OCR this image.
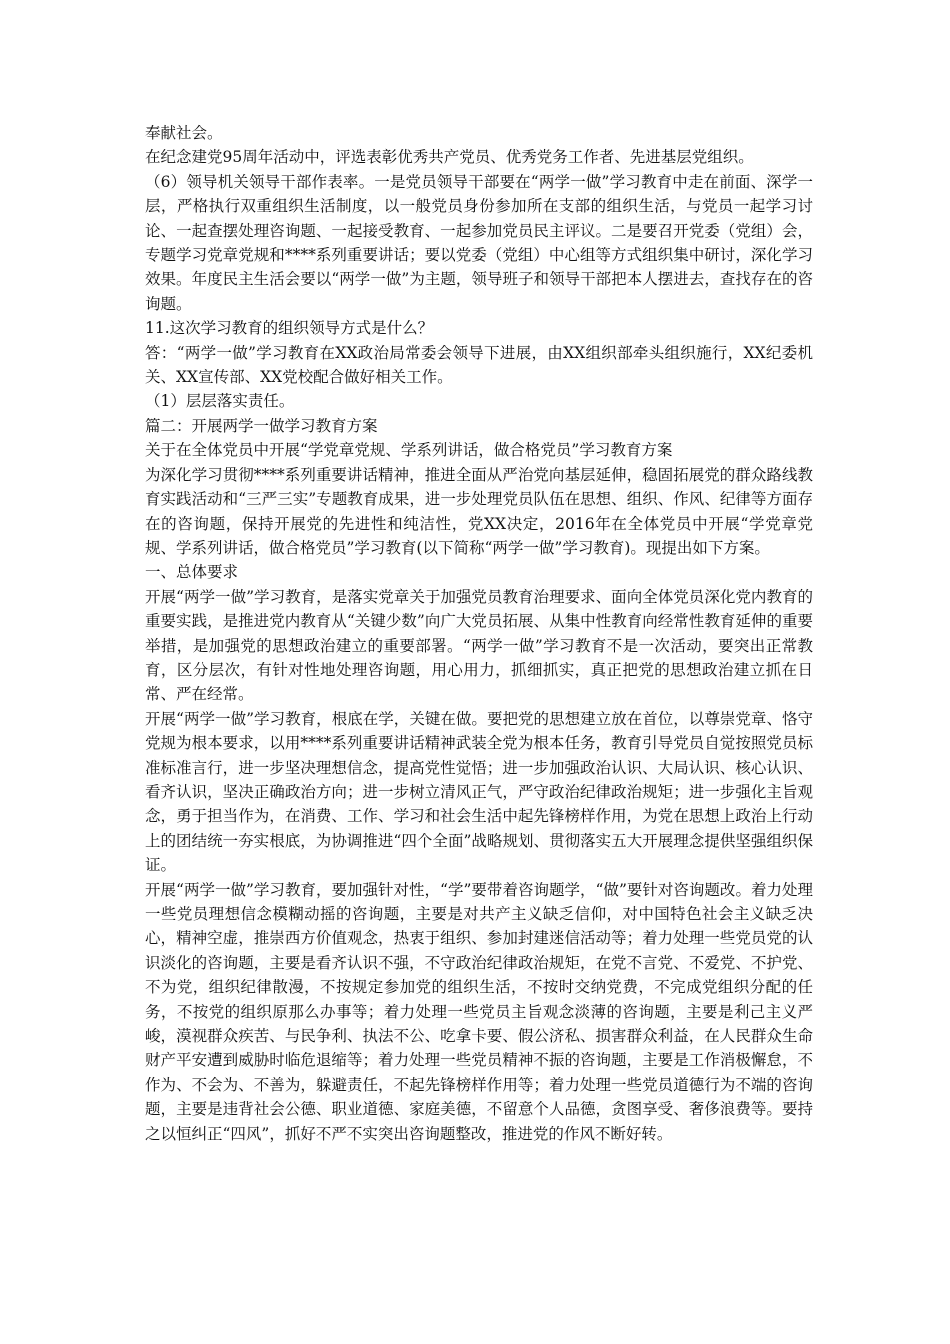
奉献社会。

在纪念建党95周年活动中，评选表彰优秀共产党员、优秀党务工作者、先进基层党组织。

（6）领导机关领导干部作表率。一是党员领导干部要在“两学一做”学习教育中走在前面、深学一层，严格执行双重组织生活制度，以一般党员身份参加所在支部的组织生活，与党员一起学习讨论、一起查摆处理咨询题、一起接受教育、一起参加党员民主评议。二是要召开党委（党组）会，专题学习党章党规和****系列重要讲话；要以党委（党组）中心组等方式组织集中研讨，深化学习效果。年度民主生活会要以“两学一做”为主题，领导班子和领导干部把本人摆进去，查找存在的咨询题。

11.这次学习教育的组织领导方式是什么？

答：“两学一做”学习教育在XX政治局常委会领导下进展，由XX组织部牵头组织施行，XX纪委机关、XX宣传部、XX党校配合做好相关工作。

（1）层层落实责任。

篇二：开展两学一做学习教育方案

关于在全体党员中开展“学党章党规、学系列讲话，做合格党员”学习教育方案

为深化学习贯彻****系列重要讲话精神，推进全面从严治党向基层延伸，稳固拓展党的群众路线教育实践活动和“三严三实”专题教育成果，进一步处理党员队伍在思想、组织、作风、纪律等方面存在的咨询题，保持开展党的先进性和纯洁性，党XX决定，2016年在全体党员中开展“学党章党规、学系列讲话，做合格党员”学习教育(以下简称“两学一做”学习教育)。现提出如下方案。

一、总体要求

开展“两学一做”学习教育，是落实党章关于加强党员教育治理要求、面向全体党员深化党内教育的重要实践，是推进党内教育从“关键少数”向广大党员拓展、从集中性教育向经常性教育延伸的重要举措，是加强党的思想政治建立的重要部署。“两学一做”学习教育不是一次活动，要突出正常教育，区分层次，有针对性地处理咨询题，用心用力，抓细抓实，真正把党的思想政治建立抓在日常、严在经常。

开展“两学一做”学习教育，根底在学，关键在做。要把党的思想建立放在首位，以尊崇党章、恪守党规为根本要求，以用****系列重要讲话精神武装全党为根本任务，教育引导党员自觉按照党员标准标准言行，进一步坚决理想信念，提高党性觉悟；进一步加强政治认识、大局认识、核心认识、看齐认识，坚决正确政治方向；进一步树立清风正气，严守政治纪律政治规矩；进一步强化主旨观念，勇于担当作为，在消费、工作、学习和社会生活中起先锋榜样作用，为党在思想上政治上行动上的团结统一夯实根底，为协调推进“四个全面”战略规划、贯彻落实五大开展理念提供坚强组织保证。

开展“两学一做”学习教育，要加强针对性，“学”要带着咨询题学，“做”要针对咨询题改。着力处理一些党员理想信念模糊动摇的咨询题，主要是对共产主义缺乏信仰，对中国特色社会主义缺乏决心，精神空虚，推崇西方价值观念，热衷于组织、参加封建迷信活动等；着力处理一些党员党的认识淡化的咨询题，主要是看齐认识不强，不守政治纪律政治规矩，在党不言党、不爱党、不护党、不为党，组织纪律散漫，不按规定参加党的组织生活，不按时交纳党费，不完成党组织分配的任务，不按党的组织原那么办事等；着力处理一些党员主旨观念淡薄的咨询题，主要是利己主义严峻，漠视群众疾苦、与民争利、执法不公、吃拿卡要、假公济私、损害群众利益，在人民群众生命财产平安遭到威胁时临危退缩等；着力处理一些党员精神不振的咨询题，主要是工作消极懈怠，不作为、不会为、不善为，躲避责任，不起先锋榜样作用等；着力处理一些党员道德行为不端的咨询题，主要是违背社会公德、职业道德、家庭美德，不留意个人品德，贪图享受、奢侈浪费等。要持之以恒纠正“四风”，抓好不严不实突出咨询题整改，推进党的作风不断好转。
